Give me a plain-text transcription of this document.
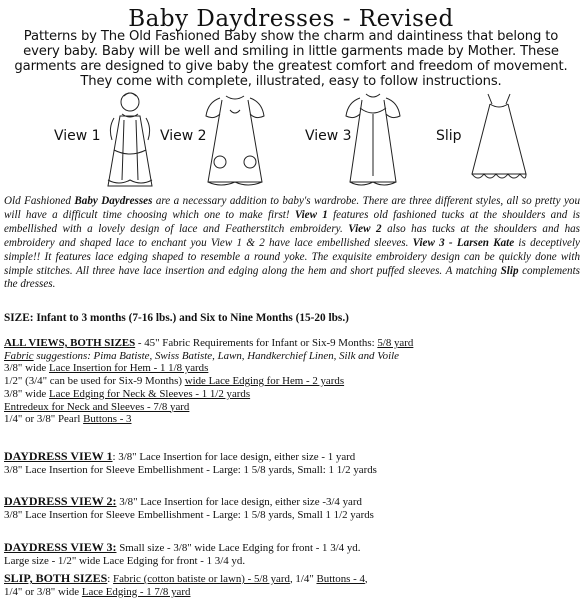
Baby Daydresses - Revised
Patterns by The Old Fashioned Baby show the charm and daintiness that belong to every baby. Baby will be well and smiling in little garments made by Mother. These garments are designed to give baby the greatest comfort and freedom of movement. They come with complete, illustrated, easy to follow instructions.
View 1	View 2	View 3	Slip
Old Fashioned Baby Daydresses are a necessary addition to baby's wardrobe. There are three different styles, all so pretty you will have a difficult time choosing which one to make first! View 1 features old fashioned tucks at the shoulders and is embellished with a lovely design of lace and Featherstitch embroidery. View 2 also has tucks at the shoulders and has embroidery and shaped lace to enchant you View 1 & 2 have lace embellished sleeves. View 3 - Larsen Kate is deceptively simple!! It features lace edging shaped to resemble a round yoke. The exquisite embroidery design can be quickly done with simple stitches. All three have lace insertion and edging along the hem and short puffed sleeves. A matching Slip complements the dresses.
SIZE: Infant to 3 months (7-16 lbs.) and Six to Nine Months (15-20 lbs.)

ALL VIEWS, BOTH SIZES - 45" Fabric Requirements for Infant or Six-9 Months: 5/8 yard

Fabric suggestions: Pima Batiste, Swiss Batiste, Lawn, Handkerchief Linen, Silk and Voile

3/8" wide Lace Insertion for Hem - 1 1/8 yards

1/2" (3/4" can be used for Six-9 Months) wide Lace Edging for Hem - 2 yards

3/8" wide Lace Edging for Neck & Sleeves - 1 1/2 yards

Entredeux for Neck and Sleeves - 7/8 yard

1/4" or 3/8" Pearl Buttons - 3

DAYDRESS VIEW 1: 3/8" Lace Insertion for lace design, either size - 1 yard

3/8" Lace Insertion for Sleeve Embellishment - Large: 1 5/8 yards, Small: 1 1/2 yards

DAYDRESS VIEW 2: 3/8" Lace Insertion for lace design, either size -3/4 yard

3/8" Lace Insertion for Sleeve Embellishment - Large: 1 5/8 yards, Small 1 1/2 yards

DAYDRESS VIEW 3: Small size - 3/8" wide Lace Edging for front - 1 3/4 yd.

Large size - 1/2" wide Lace Edging for front - 1 3/4 yd.

SLIP, BOTH SIZES: Fabric (cotton batiste or lawn) - 5/8 yard, 1/4" Buttons - 4,

1/4" or 3/8" wide Lace Edging - 1 7/8 yard
